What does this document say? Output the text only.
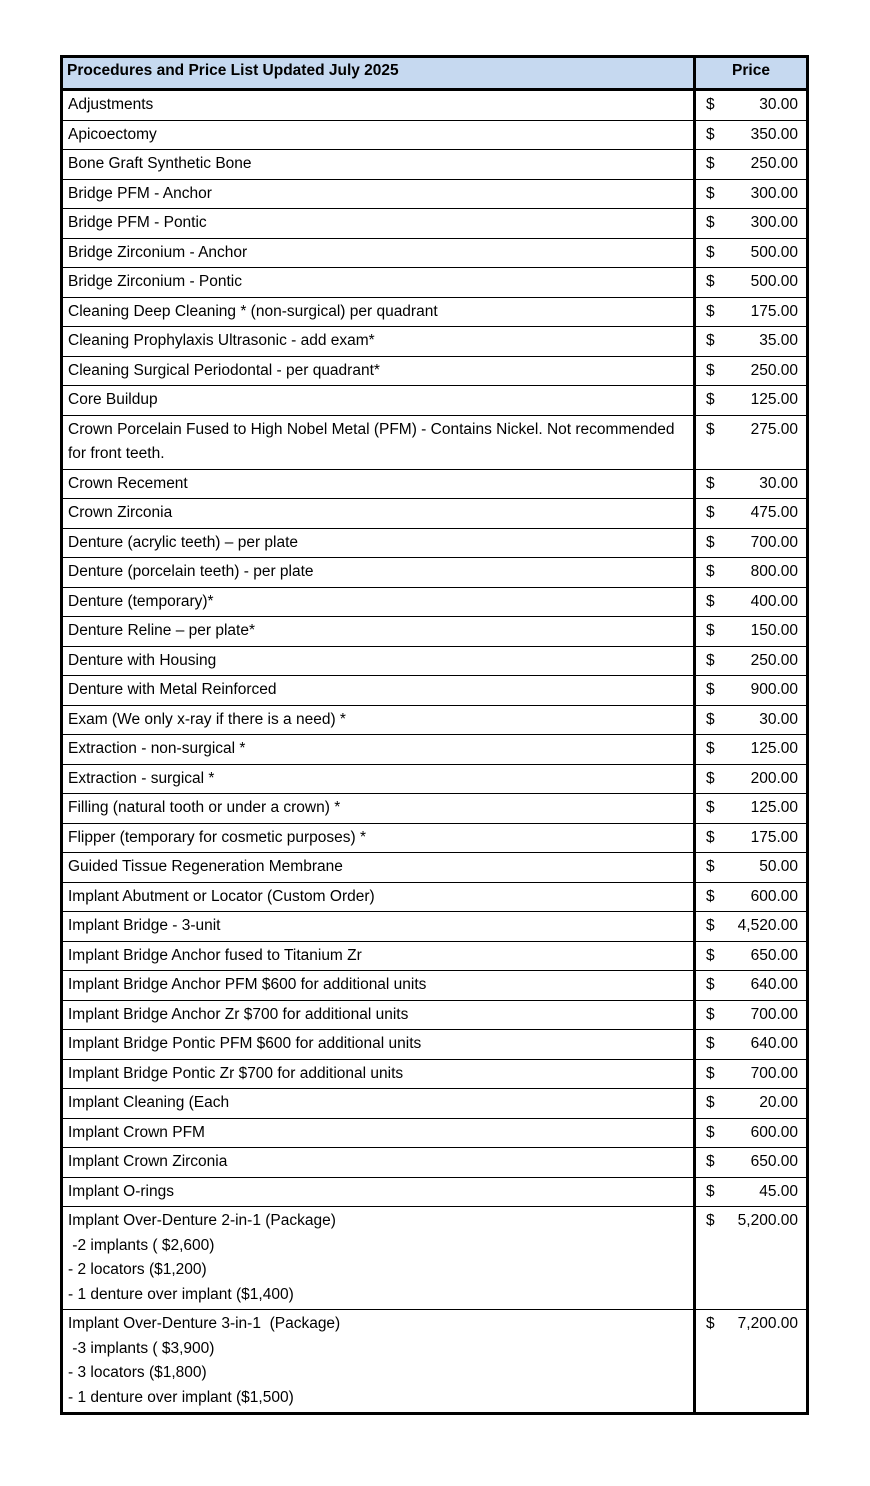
Procedures and Price List Updated July 2025	Price

Adjustments	$ 30.00

Apicoectomy	$ 350.00

Bone Graft Synthetic Bone	$ 250.00

Bridge PFM - Anchor	$ 300.00

Bridge PFM - Pontic	$ 300.00

Bridge Zirconium - Anchor	$ 500.00

Bridge Zirconium - Pontic	$ 500.00

Cleaning Deep Cleaning * (non-surgical) per quadrant	$ 175.00

Cleaning Prophylaxis Ultrasonic - add exam*	$ 35.00

Cleaning Surgical Periodontal - per quadrant*	$ 250.00

Core Buildup	$ 125.00

Crown Porcelain Fused to High Nobel Metal (PFM) - Contains Nickel. Not recommended for front teeth.	$ 275.00

Crown Recement	$ 30.00

Crown Zirconia	$ 475.00

Denture (acrylic teeth) – per plate	$ 700.00

Denture (porcelain teeth) - per plate	$ 800.00

Denture (temporary)*	$ 400.00

Denture Reline – per plate*	$ 150.00

Denture with Housing	$ 250.00

Denture with Metal Reinforced	$ 900.00

Exam (We only x-ray if there is a need) *	$ 30.00

Extraction - non-surgical *	$ 125.00

Extraction - surgical *	$ 200.00

Filling (natural tooth or under a crown) *	$ 125.00

Flipper (temporary for cosmetic purposes) *	$ 175.00

Guided Tissue Regeneration Membrane	$ 50.00

Implant Abutment or Locator (Custom Order)	$ 600.00

Implant Bridge - 3-unit	$ 4,520.00

Implant Bridge Anchor fused to Titanium Zr	$ 650.00

Implant Bridge Anchor PFM $600 for additional units	$ 640.00

Implant Bridge Anchor Zr $700 for additional units	$ 700.00

Implant Bridge Pontic PFM $600 for additional units	$ 640.00

Implant Bridge Pontic Zr $700 for additional units	$ 700.00

Implant Cleaning (Each	$ 20.00

Implant Crown PFM	$ 600.00

Implant Crown Zirconia	$ 650.00

Implant O-rings	$ 45.00

Implant Over-Denture 2-in-1 (Package)
-2 implants ( $2,600)
- 2 locators ($1,200)
- 1 denture over implant ($1,400)	$ 5,200.00

Implant Over-Denture 3-in-1  (Package)
-3 implants ( $3,900)
- 3 locators ($1,800)
- 1 denture over implant ($1,500)	$ 7,200.00
